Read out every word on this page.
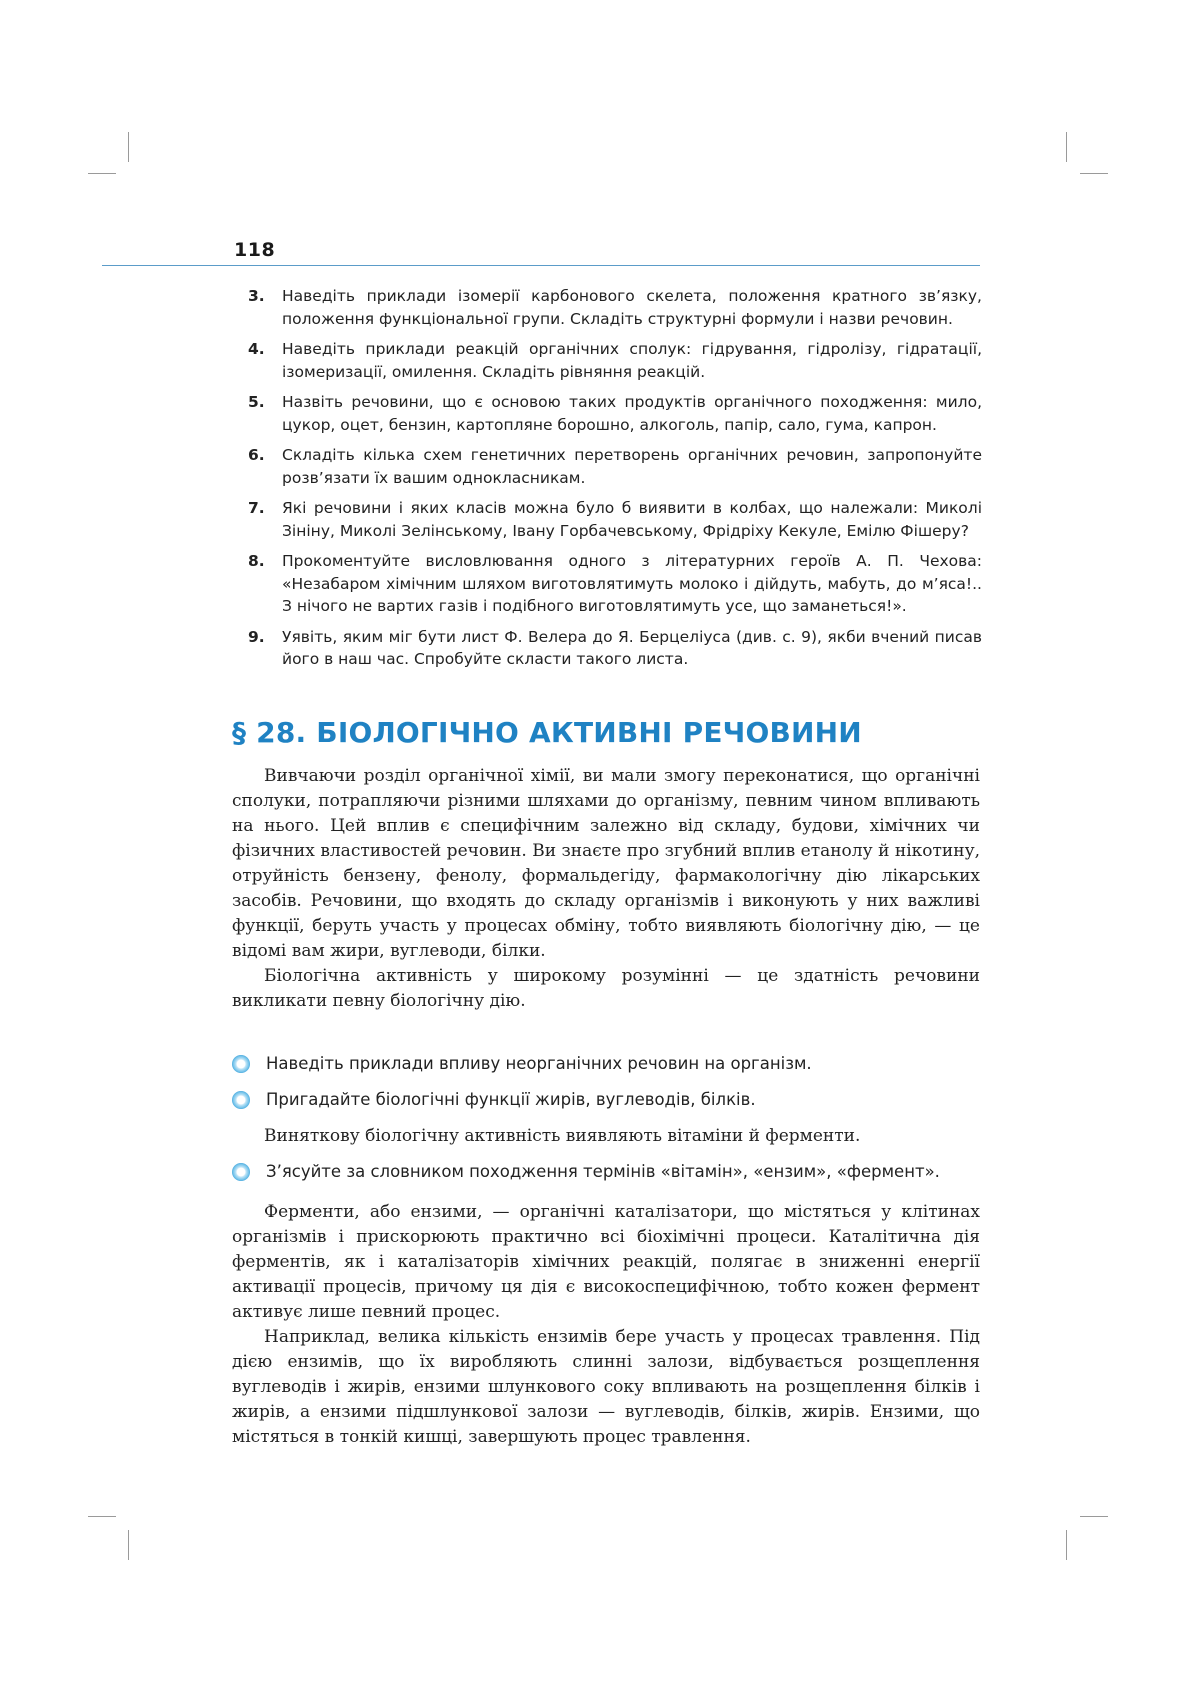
118
3.	Наведіть приклади ізомерії карбонового скелета, положення кратного зв’язку, положення функціональної групи. Складіть структурні формули і назви речовин.
4.	Наведіть приклади реакцій органічних сполук: гідрування, гідролізу, гідратації, ізомеризації, омилення. Складіть рівняння реакцій.
5.	Назвіть речовини, що є основою таких продуктів органічного походження: мило, цукор, оцет, бензин, картопляне борошно, алкоголь, папір, сало, гума, капрон.
6.	Складіть кілька схем генетичних перетворень органічних речовин, запропонуйте розв’язати їх вашим однокласникам.
7.	Які речовини і яких класів можна було б виявити в колбах, що належали: Миколі Зініну, Миколі Зелінському, Івану Горбачевському, Фрідріху Кекуле, Емілю Фішеру?
8.	Прокоментуйте висловлювання одного з літературних героїв А. П. Чехова: «Незабаром хімічним шляхом виготовлятимуть молоко і дійдуть, мабуть, до м’яса!.. З нічого не вартих газів і подібного виготовлятимуть усе, що заманеться!».
9.	Уявіть, яким міг бути лист Ф. Велера до Я. Берцеліуса (див. с. 9), якби вчений писав його в наш час. Спробуйте скласти такого листа.
§ 28. БІОЛОГІЧНО АКТИВНІ РЕЧОВИНИ

Вивчаючи розділ органічної хімії, ви мали змогу переконатися, що органічні сполуки, потрапляючи різними шляхами до організму, певним чином впливають на нього. Цей вплив є специфічним залежно від складу, будови, хімічних чи фізичних властивостей речовин. Ви знаєте про згубний вплив етанолу й нікотину, отруйність бензену, фенолу, формальдегіду, фармакологічну дію лікарських засобів. Речовини, що входять до складу організмів і виконують у них важливі функції, беруть участь у процесах обміну, тобто виявляють біологічну дію, — це відомі вам жири, вуглеводи, білки.

Біологічна активність у широкому розумінні — це здатність речовини викликати певну біологічну дію.

Наведіть приклади впливу неорганічних речовин на організм.
Пригадайте біологічні функції жирів, вуглеводів, білків.

Виняткову біологічну активність виявляють вітаміни й ферменти.

З’ясуйте за словником походження термінів «вітамін», «ензим», «фермент».

Ферменти, або ензими, — органічні каталізатори, що містяться у клітинах організмів і прискорюють практично всі біохімічні процеси. Каталітична дія ферментів, як і каталізаторів хімічних реакцій, полягає в зниженні енергії активації процесів, причому ця дія є високоспецифічною, тобто кожен фермент активує лише певний процес.

Наприклад, велика кількість ензимів бере участь у процесах травлення. Під дією ензимів, що їх виробляють слинні залози, відбувається розщеплення вуглеводів і жирів, ензими шлункового соку впливають на розщеплення білків і жирів, а ензими підшлункової залози — вуглеводів, білків, жирів. Ензими, що містяться в тонкій кишці, завершують процес травлення.
